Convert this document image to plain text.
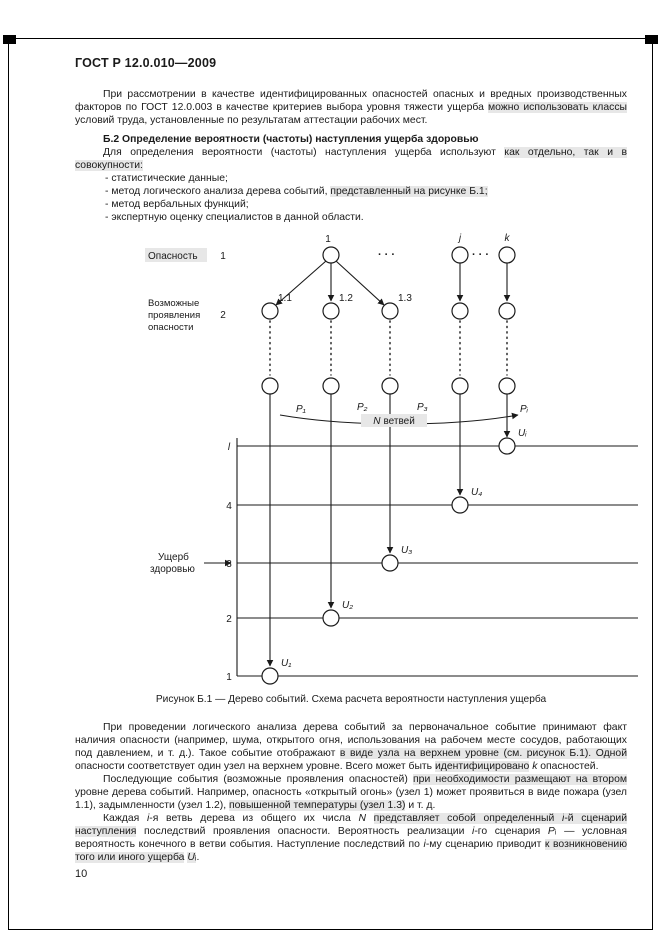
ГОСТ Р 12.0.010—2009

При рассмотрении в качестве идентифицированных опасностей опасных и вредных производственных факторов по ГОСТ 12.0.003 в качестве критериев выбора уровня тяжести ущерба можно использовать классы условий труда, установленные по результатам аттестации рабочих мест.

Б.2 Определение вероятности (частоты) наступления ущерба здоровью

Для определения вероятности (частоты) наступления ущерба используют как отдельно, так и в совокупности:

- статистические данные;

- метод логического анализа дерева событий, представленный на рисунке Б.1;

- метод вербальных функций;

- экспертную оценку специалистов в данной области.

N ветвей
Опасность 1
Возможные
проявления
опасности
2
Ущерб
здоровью
1
···
j
···
k
1.1	1.2	1.3
P₁	P₂	P₃	Pᵢ
l
4
3
2
1
U₁
U₂
U₃
U₄
Uᵢ

Рисунок Б.1 — Дерево событий. Схема расчета вероятности наступления ущерба

При проведении логического анализа дерева событий за первоначальное событие принимают факт наличия опасности (например, шума, открытого огня, использования на рабочем месте сосудов, работающих под давлением, и т. д.). Такое событие отображают в виде узла на верхнем уровне (см. рисунок Б.1). Одной опасности соответствует один узел на верхнем уровне. Всего может быть идентифицировано k опасностей.

Последующие события (возможные проявления опасностей) при необходимости размещают на втором уровне дерева событий. Например, опасность «открытый огонь» (узел 1) может проявиться в виде пожара (узел 1.1), задымленности (узел 1.2), повышенной температуры (узел 1.3) и т. д.

Каждая i-я ветвь дерева из общего их числа N представляет собой определенный -й сценарий наступления последствий проявления опасности. Вероятность реализации i-го сценария Pᵢ — условная вероятность конечного в ветви события. Наступление последствий по i-му сценарию приводит к возникновению того или иного ущерба Uᵢ.

10
